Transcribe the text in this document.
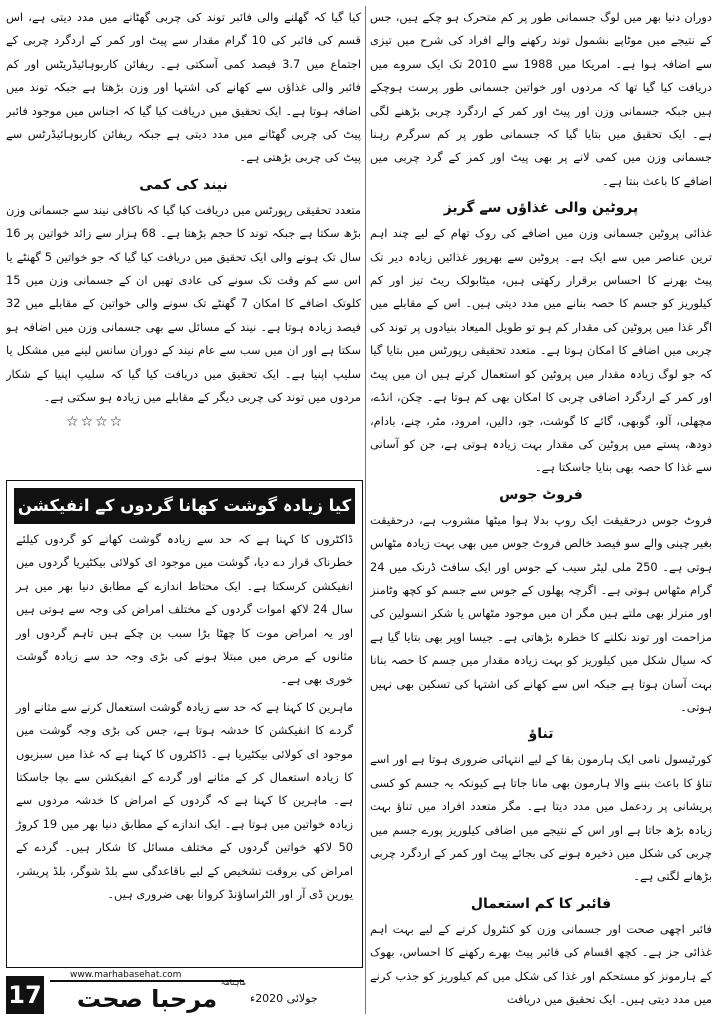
دوران دنیا بھر میں لوگ جسمانی طور پر کم متحرک ہو چکے ہیں، جس کے نتیجے میں موٹاپے بشمول توند رکھنے والے افراد کی شرح میں تیزی سے اضافہ ہوا ہے۔ امریکا میں 1988 سے 2010 تک ایک سروے میں دریافت کیا گیا تھا کہ مردوں اور خواتین جسمانی طور پرست ہوچکے ہیں جبکہ جسمانی وزن اور پیٹ اور کمر کے اردگرد چربی بڑھنے لگی ہے۔ ایک تحقیق میں بتایا گیا کہ جسمانی طور پر کم سرگرم رہنا جسمانی وزن میں کمی لانے پر بھی پیٹ اور کمر کے گرد چربی میں اضافے کا باعث بنتا ہے۔

پروٹین والی غذاؤں سے گریز

غذائی پروٹین جسمانی وزن میں اضافے کی روک تھام کے لیے چند اہم ترین عناصر میں سے ایک ہے۔ پروٹین سے بھرپور غذائیں زیادہ دیر تک پیٹ بھرنے کا احساس برقرار رکھتی ہیں، میٹابولک ریٹ تیز اور کم کیلوریز کو جسم کا حصہ بنانے میں مدد دیتی ہیں۔ اس کے مقابلے میں اگر غذا میں پروٹین کی مقدار کم ہو تو طویل المیعاد بنیادوں پر توند کی چربی میں اضافے کا امکان ہوتا ہے۔ متعدد تحقیقی رپورٹس میں بتایا گیا کہ جو لوگ زیادہ مقدار میں پروٹین کو استعمال کرتے ہیں ان میں پیٹ اور کمر کے اردگرد اضافی چربی کا امکان بھی کم ہوتا ہے۔ چکن، انڈے، مچھلی، آلو، گوبھی، گائے کا گوشت، جو، دالیں، امرود، مٹر، چنے، بادام، دودھ، پستے میں پروٹین کی مقدار بہت زیادہ ہوتی ہے، جن کو آسانی سے غذا کا حصہ بھی بنایا جاسکتا ہے۔

فروٹ جوس

فروٹ جوس درحقیقت ایک روپ بدلا ہوا میٹھا مشروب ہے، درحقیقت بغیر چینی والے سو فیصد خالص فروٹ جوس میں بھی بہت زیادہ مٹھاس ہوتی ہے۔ 250 ملی لیٹر سیب کے جوس اور ایک سافٹ ڈرنک میں 24 گرام مٹھاس ہوتی ہے۔ اگرچہ پھلوں کے جوس سے جسم کو کچھ وٹامنز اور منرلز بھی ملتے ہیں مگر ان میں موجود مٹھاس یا شکر انسولین کی مزاحمت اور توند نکلنے کا خطرہ بڑھاتی ہے۔ جیسا اوپر بھی بتایا گیا ہے کہ سیال شکل میں کیلوریز کو بہت زیادہ مقدار میں جسم کا حصہ بنانا بہت آسان ہوتا ہے جبکہ اس سے کھانے کی اشتہا کی تسکین بھی نہیں ہوتی۔

تناؤ

کورٹیسول نامی ایک ہارمون بقا کے لیے انتہائی ضروری ہوتا ہے اور اسے تناؤ کا باعث بننے والا ہارمون بھی مانا جاتا ہے کیونکہ یہ جسم کو کسی پریشانی پر ردعمل میں مدد دیتا ہے۔ مگر متعدد افراد میں تناؤ بہت زیادہ بڑھ جاتا ہے اور اس کے نتیجے میں اضافی کیلوریز پورے جسم میں چربی کی شکل میں ذخیرہ ہونے کی بجائے پیٹ اور کمر کے اردگرد چربی بڑھانے لگتی ہے۔

فائبر کا کم استعمال

فائبر اچھی صحت اور جسمانی وزن کو کنٹرول کرنے کے لیے بہت اہم غذائی جز ہے۔ کچھ اقسام کی فائبر پیٹ بھرے رکھنے کا احساس، بھوک کے ہارمونز کو مستحکم اور غذا کی شکل میں کم کیلوریز کو جذب کرنے میں مدد دیتی ہیں۔ ایک تحقیق میں دریافت

کیا گیا کہ گھلنے والی فائبر توند کی چربی گھٹانے میں مدد دیتی ہے، اس قسم کی فائبر کی 10 گرام مقدار سے پیٹ اور کمر کے اردگرد چربی کے اجتماع میں 3.7 فیصد کمی آسکتی ہے۔ ریفائن کاربوہائیڈریٹس اور کم فائبر والی غذاؤں سے کھانے کی اشتہا اور وزن بڑھتا ہے جبکہ توند میں اضافہ ہوتا ہے۔ ایک تحقیق میں دریافت کیا گیا کہ اجناس میں موجود فائبر پیٹ کی چربی گھٹانے میں مدد دیتی ہے جبکہ ریفائن کاربوہائیڈرٹس سے پیٹ کی چربی بڑھتی ہے۔

نیند کی کمی

متعدد تحقیقی رپورٹس میں دریافت کیا گیا کہ ناکافی نیند سے جسمانی وزن بڑھ سکتا ہے جبکہ توند کا حجم بڑھتا ہے۔ 68 ہزار سے زائد خواتین پر 16 سال تک ہونے والی ایک تحقیق میں دریافت کیا گیا کہ جو خواتین 5 گھنٹے یا اس سے کم وقت تک سونے کی عادی تھیں ان کے جسمانی وزن میں 15 کلوتک اضافے کا امکان 7 گھنٹے تک سونے والی خواتین کے مقابلے میں 32 فیصد زیادہ ہوتا ہے۔ نیند کے مسائل سے بھی جسمانی وزن میں اضافہ ہو سکتا ہے اور ان میں سب سے عام نیند کے دوران سانس لینے میں مشکل یا سلیپ اپنیا ہے۔ ایک تحقیق میں دریافت کیا گیا کہ سلیپ اپنیا کے شکار مردوں میں توند کی چربی دیگر کے مقابلے میں زیادہ ہو سکتی ہے۔

☆☆☆☆
کیا زیادہ گوشت کھانا گردوں کے انفیکشن

ڈاکٹروں کا کہنا ہے کہ حد سے زیادہ گوشت کھانے کو گردوں کیلئے خطرناک قرار دے دیا، گوشت میں موجود ای کولائی بیکٹیریا گردوں میں انفیکشن کرسکتا ہے۔ ایک محتاط اندازے کے مطابق دنیا بھر میں ہر سال 24 لاکھ اموات گردوں کے مختلف امراض کی وجہ سے ہوتی ہیں اور یہ امراض موت کا چھٹا بڑا سبب بن چکے ہیں تاہم گردوں اور مثانوں کے مرض میں مبتلا ہونے کی بڑی وجہ حد سے زیادہ گوشت خوری بھی ہے۔

ماہرین کا کہنا ہے کہ حد سے زیادہ گوشت استعمال کرنے سے مثانے اور گردے کا انفیکشن کا خدشہ ہوتا ہے، جس کی بڑی وجہ گوشت میں موجود ای کولائی بیکٹیریا ہے۔ ڈاکٹروں کا کہنا ہے کہ غذا میں سبزیوں کا زیادہ استعمال کر کے مثانے اور گردے کے انفیکشن سے بچا جاسکتا ہے۔ ماہرین کا کہنا ہے کہ گردوں کے امراض کا خدشہ مردوں سے زیادہ خواتین میں ہوتا ہے۔ ایک اندازے کے مطابق دنیا بھر میں 19 کروڑ 50 لاکھ خواتین گردوں کے مختلف مسائل کا شکار ہیں۔ گردے کے امراض کی بروقت تشخیص کے لیے باقاعدگی سے بلڈ شوگر، بلڈ پریشر، یورین ڈی آر اور الٹراساؤنڈ کروانا بھی ضروری ہیں۔

17
www.marhabasehat.com
ماہنامہ
مرحبا صحت	جولائی 2020ء
